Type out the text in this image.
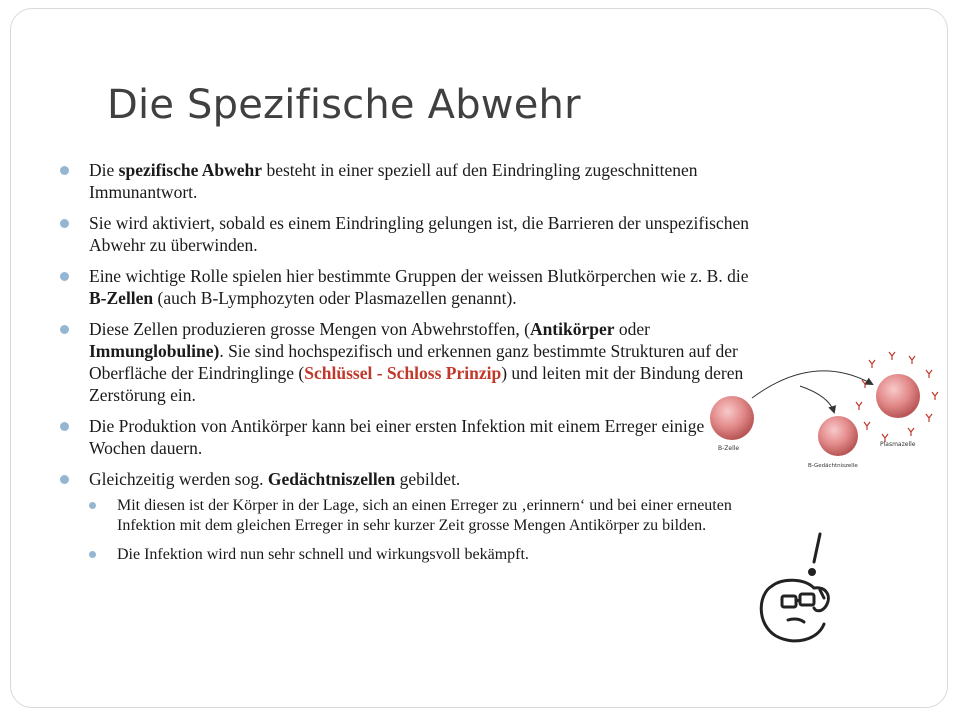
Die Spezifische Abwehr
Die spezifische Abwehr besteht in einer speziell auf den Eindringling zugeschnittenen Immunantwort.
Sie wird aktiviert, sobald es einem Eindringling gelungen ist, die Barrieren der unspezifischen Abwehr zu überwinden.
Eine wichtige Rolle spielen hier bestimmte Gruppen der weissen Blutkörperchen wie z. B. die B-Zellen (auch B-Lymphozyten oder Plasmazellen genannt).
Diese Zellen produzieren grosse Mengen von Abwehrstoffen, (Antikörper oder Immunglobuline). Sie sind hochspezifisch und erkennen ganz bestimmte Strukturen auf der Oberfläche der Eindringlinge (Schlüssel - Schloss Prinzip) und leiten mit der Bindung deren Zerstörung ein.
Die Produktion von Antikörper kann bei einer ersten Infektion mit einem Erreger einige Wochen dauern.
Gleichzeitig werden sog. Gedächtniszellen gebildet.
Mit diesen ist der Körper in der Lage, sich an einen Erreger zu ‚erinnern‘ und bei einer erneuten Infektion mit dem gleichen Erreger in sehr kurzer Zeit grosse Mengen Antikörper zu bilden.
Die Infektion wird nun sehr schnell und wirkungsvoll bekämpft.
B-Zelle
B-Gedächtniszelle
Plasmazelle
